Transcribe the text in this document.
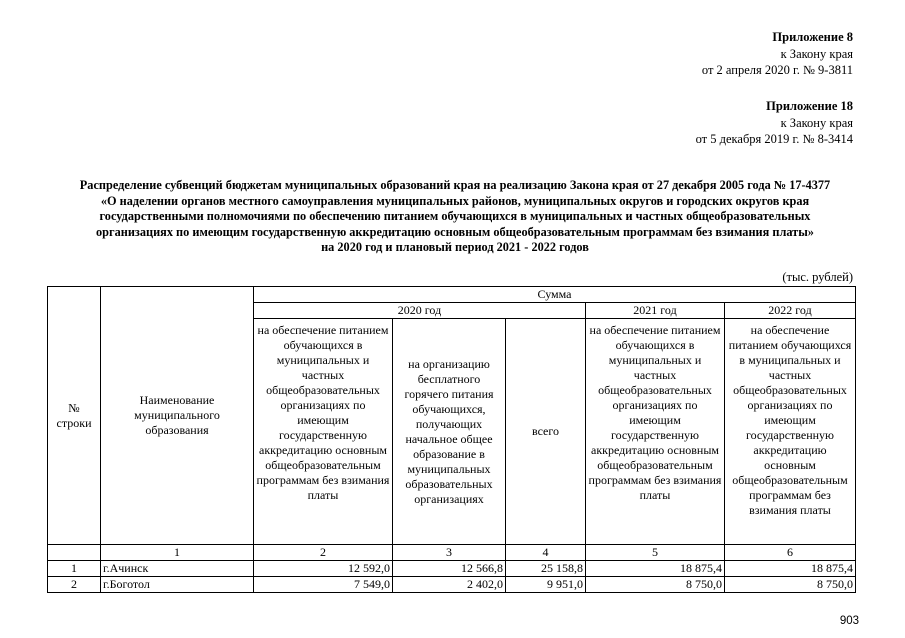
Приложение 8
к Закону края
от 2 апреля 2020 г. № 9-3811
Приложение 18
к Закону края
от 5 декабря 2019 г. № 8-3414
Распределение субвенций бюджетам муниципальных образований края на реализацию Закона края от 27 декабря 2005 года № 17-4377
«О наделении органов местного самоуправления муниципальных районов, муниципальных округов и городских округов края
государственными полномочиями по обеспечению питанием обучающихся в муниципальных и частных общеобразовательных
организациях по имеющим государственную аккредитацию основным общеобразовательным программам без взимания платы»
на 2020 год и плановый период 2021 - 2022 годов
(тыс. рублей)
№ строки	Наименование муниципального образования	Сумма				
		2020 год			2021 год	2022 год
		на обеспечение питанием обучающихся в муниципальных и частных общеобразовательных организациях по имеющим государственную аккредитацию основным общеобразовательным программам без взимания платы	на организацию бесплатного горячего питания обучающихся, получающих начальное общее образование в муниципальных образовательных организациях	всего	на обеспечение питанием обучающихся в муниципальных и частных общеобразовательных организациях по имеющим государственную аккредитацию основным общеобразовательным программам без взимания платы	на обеспечение питанием обучающихся в муниципальных и частных общеобразовательных организациях по имеющим государственную аккредитацию основным общеобразовательным программам без взимания платы
	1	2	3	4	5	6
1	г.Ачинск	12 592,0	12 566,8	25 158,8	18 875,4	18 875,4
2	г.Боготол	7 549,0	2 402,0	9 951,0	8 750,0	8 750,0
903
